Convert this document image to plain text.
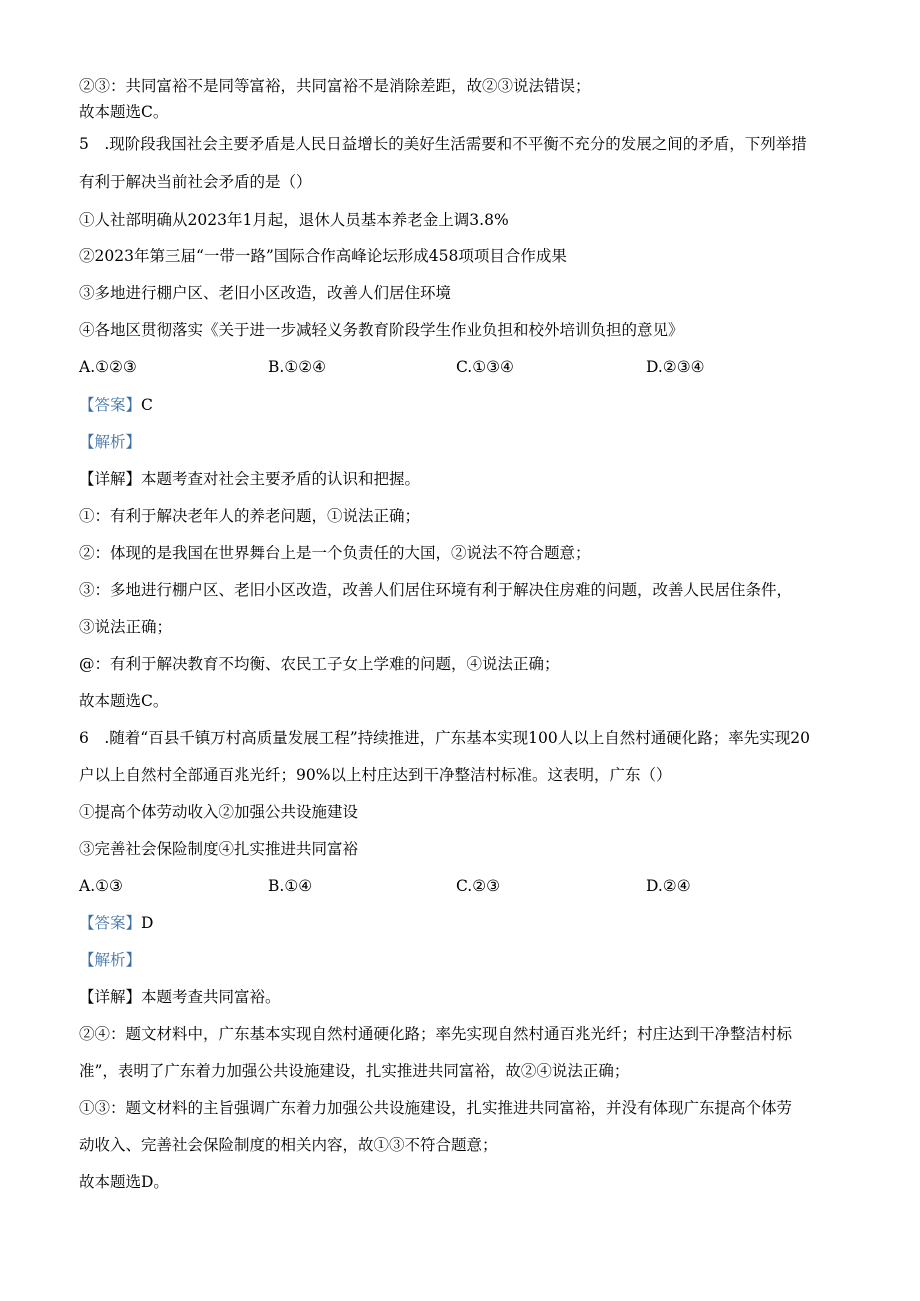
②③：共同富裕不是同等富裕，共同富裕不是消除差距，故②③说法错误；
故本题选C。
5　.现阶段我国社会主要矛盾是人民日益增长的美好生活需要和不平衡不充分的发展之间的矛盾，下列举措
有利于解决当前社会矛盾的是（）
①人社部明确从2023年1月起，退休人员基本养老金上调3.8%
②2023年第三届“一带一路”国际合作高峰论坛形成458项项目合作成果
③多地进行棚户区、老旧小区改造，改善人们居住环境
④各地区贯彻落实《关于进一步减轻义务教育阶段学生作业负担和校外培训负担的意见》
A.①②③	B.①②④	C.①③④	D.②③④
【答案】C
【解析】
【详解】本题考查对社会主要矛盾的认识和把握。
①：有利于解决老年人的养老问题，①说法正确；
②：体现的是我国在世界舞台上是一个负责任的大国，②说法不符合题意；
③：多地进行棚户区、老旧小区改造，改善人们居住环境有利于解决住房难的问题，改善人民居住条件，
③说法正确；
@：有利于解决教育不均衡、农民工子女上学难的问题，④说法正确；
故本题选C。
6　.随着“百县千镇万村高质量发展工程”持续推进，广东基本实现100人以上自然村通硬化路；率先实现20
户以上自然村全部通百兆光纤；90%以上村庄达到干净整洁村标准。这表明，广东（）
①提高个体劳动收入②加强公共设施建设
③完善社会保险制度④扎实推进共同富裕
A.①③	B.①④	C.②③	D.②④
【答案】D
【解析】
【详解】本题考查共同富裕。
②④：题文材料中，广东基本实现自然村通硬化路；率先实现自然村通百兆光纤；村庄达到干净整洁村标
准”，表明了广东着力加强公共设施建设，扎实推进共同富裕，故②④说法正确；
①③：题文材料的主旨强调广东着力加强公共设施建设，扎实推进共同富裕，并没有体现广东提高个体劳
动收入、完善社会保险制度的相关内容，故①③不符合题意；
故本题选D。
